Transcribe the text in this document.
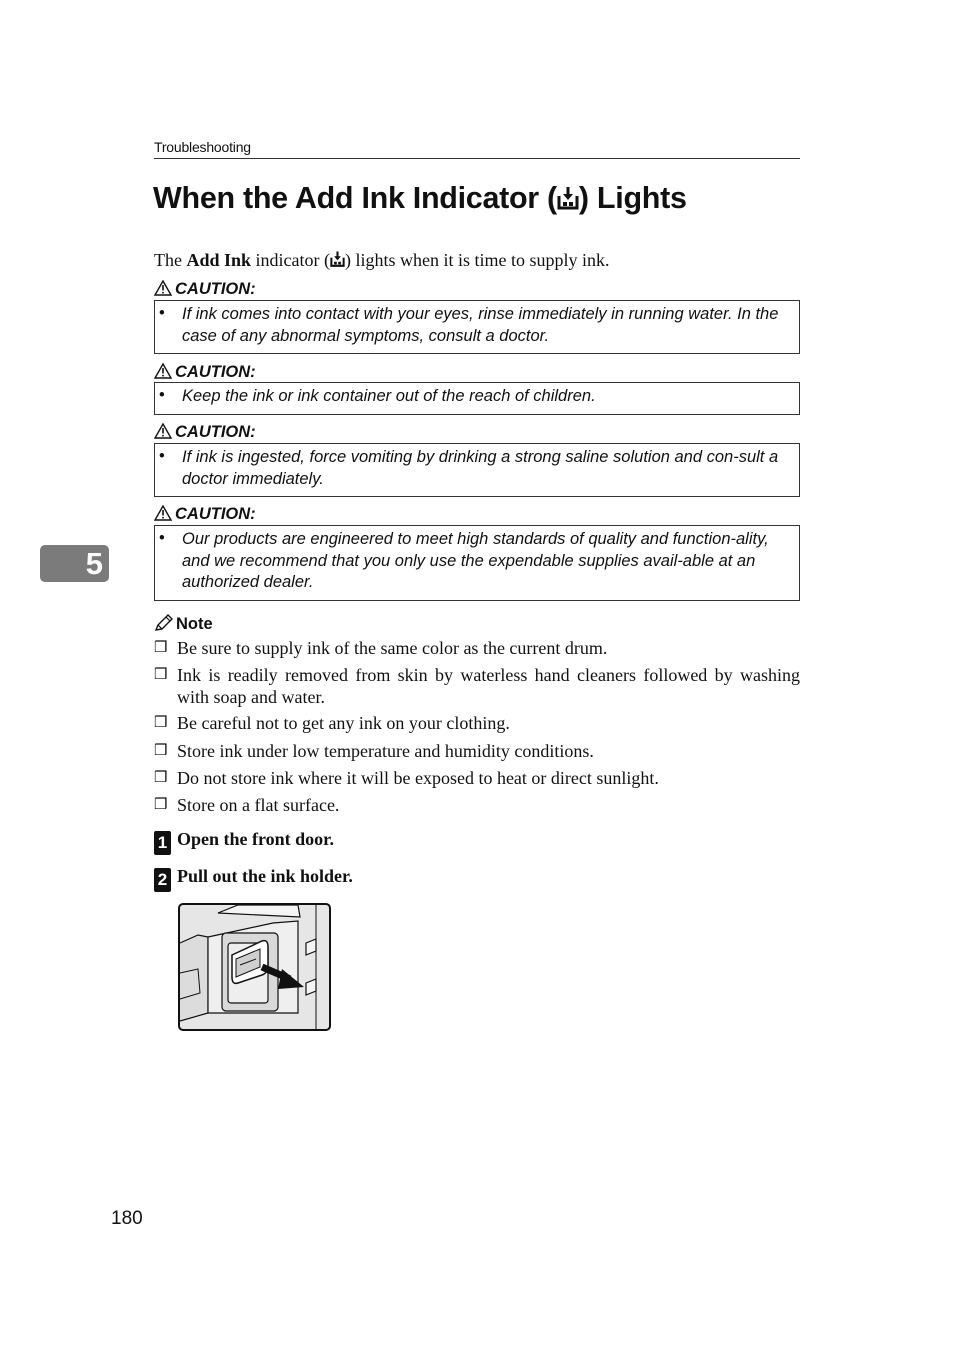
Troubleshooting
When the Add Ink Indicator ( ) Lights
The Add Ink indicator ( ) lights when it is time to supply ink.
CAUTION:
• If ink comes into contact with your eyes, rinse immediately in running water. In the case of any abnormal symptoms, consult a doctor.
CAUTION:
• Keep the ink or ink container out of the reach of children.
CAUTION:
• If ink is ingested, force vomiting by drinking a strong saline solution and con-sult a doctor immediately.
CAUTION:
• Our products are engineered to meet high standards of quality and function-ality, and we recommend that you only use the expendable supplies avail-able at an authorized dealer.
5
Note
❒ Be sure to supply ink of the same color as the current drum.
❒ Ink is readily removed from skin by waterless hand cleaners followed by washing with soap and water.
❒ Be careful not to get any ink on your clothing.
❒ Store ink under low temperature and humidity conditions.
❒ Do not store ink where it will be exposed to heat or direct sunlight.
❒ Store on a flat surface.
1 Open the front door.
2 Pull out the ink holder.
180
